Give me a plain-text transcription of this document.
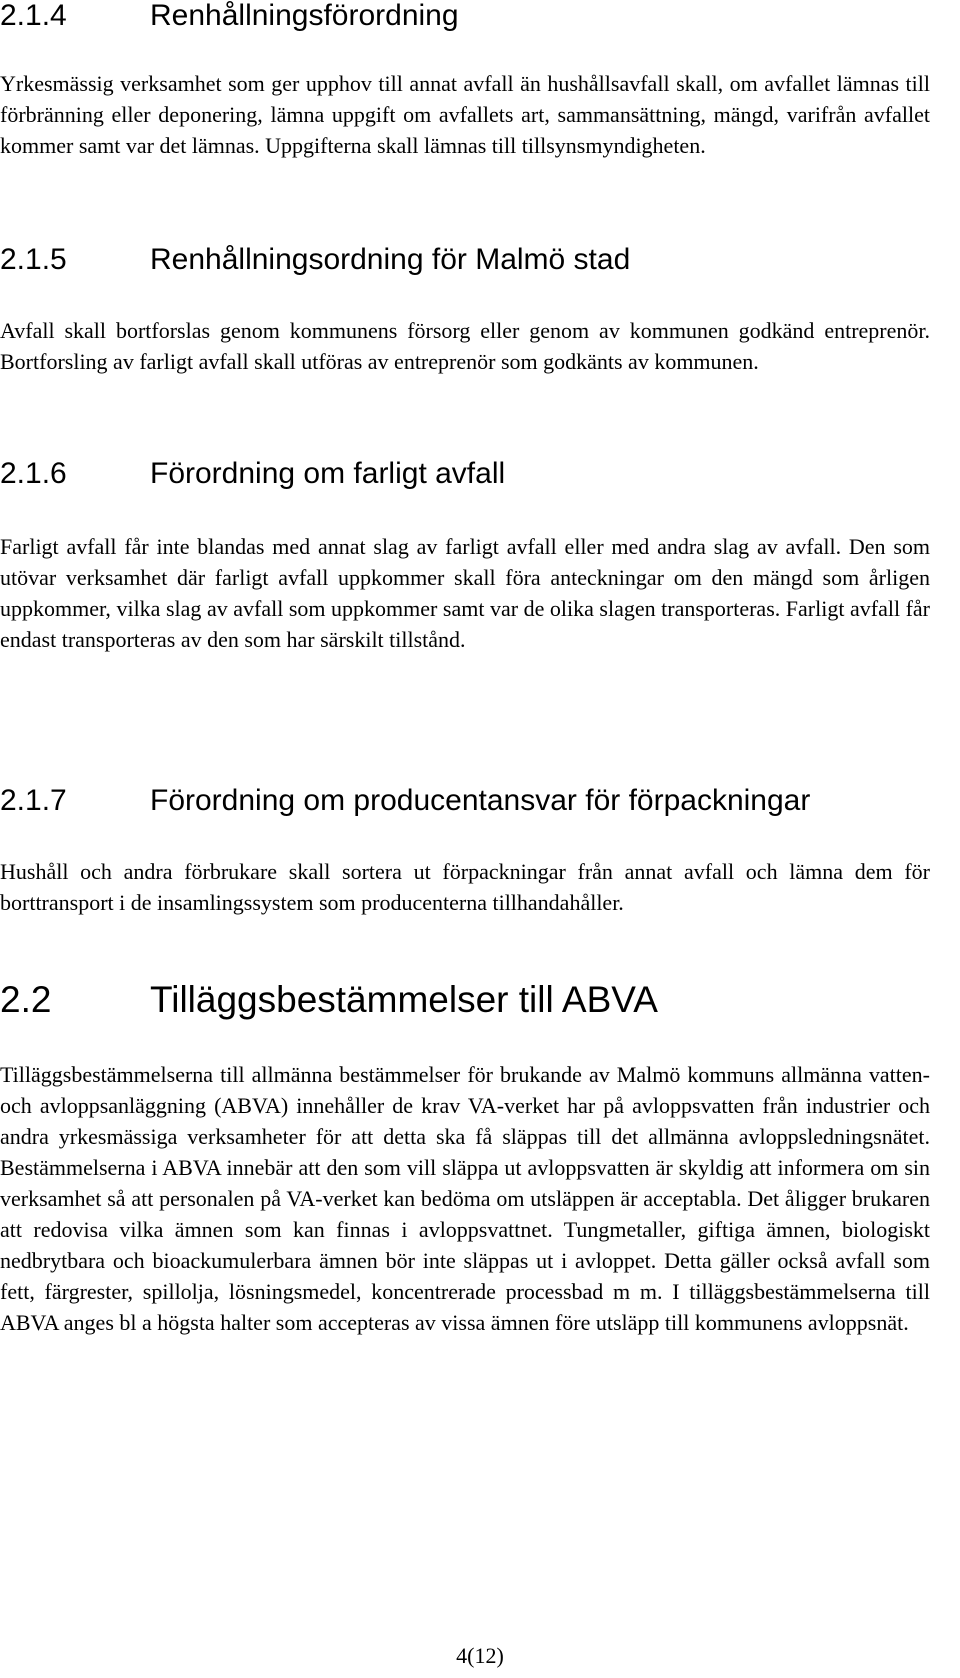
2.1.4	Renhållningsförordning

Yrkesmässig verksamhet som ger upphov till annat avfall än hushållsavfall skall, om avfallet lämnas till förbränning eller deponering, lämna uppgift om avfallets art, sammansättning, mängd, varifrån avfallet kommer samt var det lämnas. Uppgifterna skall lämnas till tillsynsmyndigheten.

2.1.5	Renhållningsordning för Malmö stad

Avfall skall bortforslas genom kommunens försorg eller genom av kommunen godkänd entreprenör. Bortforsling av farligt avfall skall utföras av entreprenör som godkänts av kommunen.

2.1.6	Förordning om farligt avfall

Farligt avfall får inte blandas med annat slag av farligt avfall eller med andra slag av avfall. Den som utövar verksamhet där farligt avfall uppkommer skall föra anteckningar om den mängd som årligen uppkommer, vilka slag av avfall som uppkommer samt var de olika slagen transporteras. Farligt avfall får endast transporteras av den som har särskilt tillstånd.

2.1.7	Förordning om producentansvar för förpackningar

Hushåll och andra förbrukare skall sortera ut förpackningar från annat avfall och lämna dem för borttransport i de insamlingssystem som producenterna tillhandahåller.

2.2	Tilläggsbestämmelser till ABVA

Tilläggsbestämmelserna till allmänna bestämmelser för brukande av Malmö kommuns allmänna vatten- och avloppsanläggning (ABVA) innehåller de krav VA-verket har på avloppsvatten från industrier och andra yrkesmässiga verksamheter för att detta ska få släppas till det allmänna avloppsledningsnätet. Bestämmelserna i ABVA innebär att den som vill släppa ut avloppsvatten är skyldig att informera om sin verksamhet så att personalen på VA-verket kan bedöma om utsläppen är acceptabla. Det åligger brukaren att redovisa vilka ämnen som kan finnas i avloppsvattnet. Tungmetaller, giftiga ämnen, biologiskt nedbrytbara och bioackumulerbara ämnen bör inte släppas ut i avloppet. Detta gäller också avfall som fett, färgrester, spillolja, lösningsmedel, koncentrerade processbad m m. I tilläggsbestämmelserna till ABVA anges bl a högsta halter som accepteras av vissa ämnen före utsläpp till kommunens avloppsnät.

4(12)
